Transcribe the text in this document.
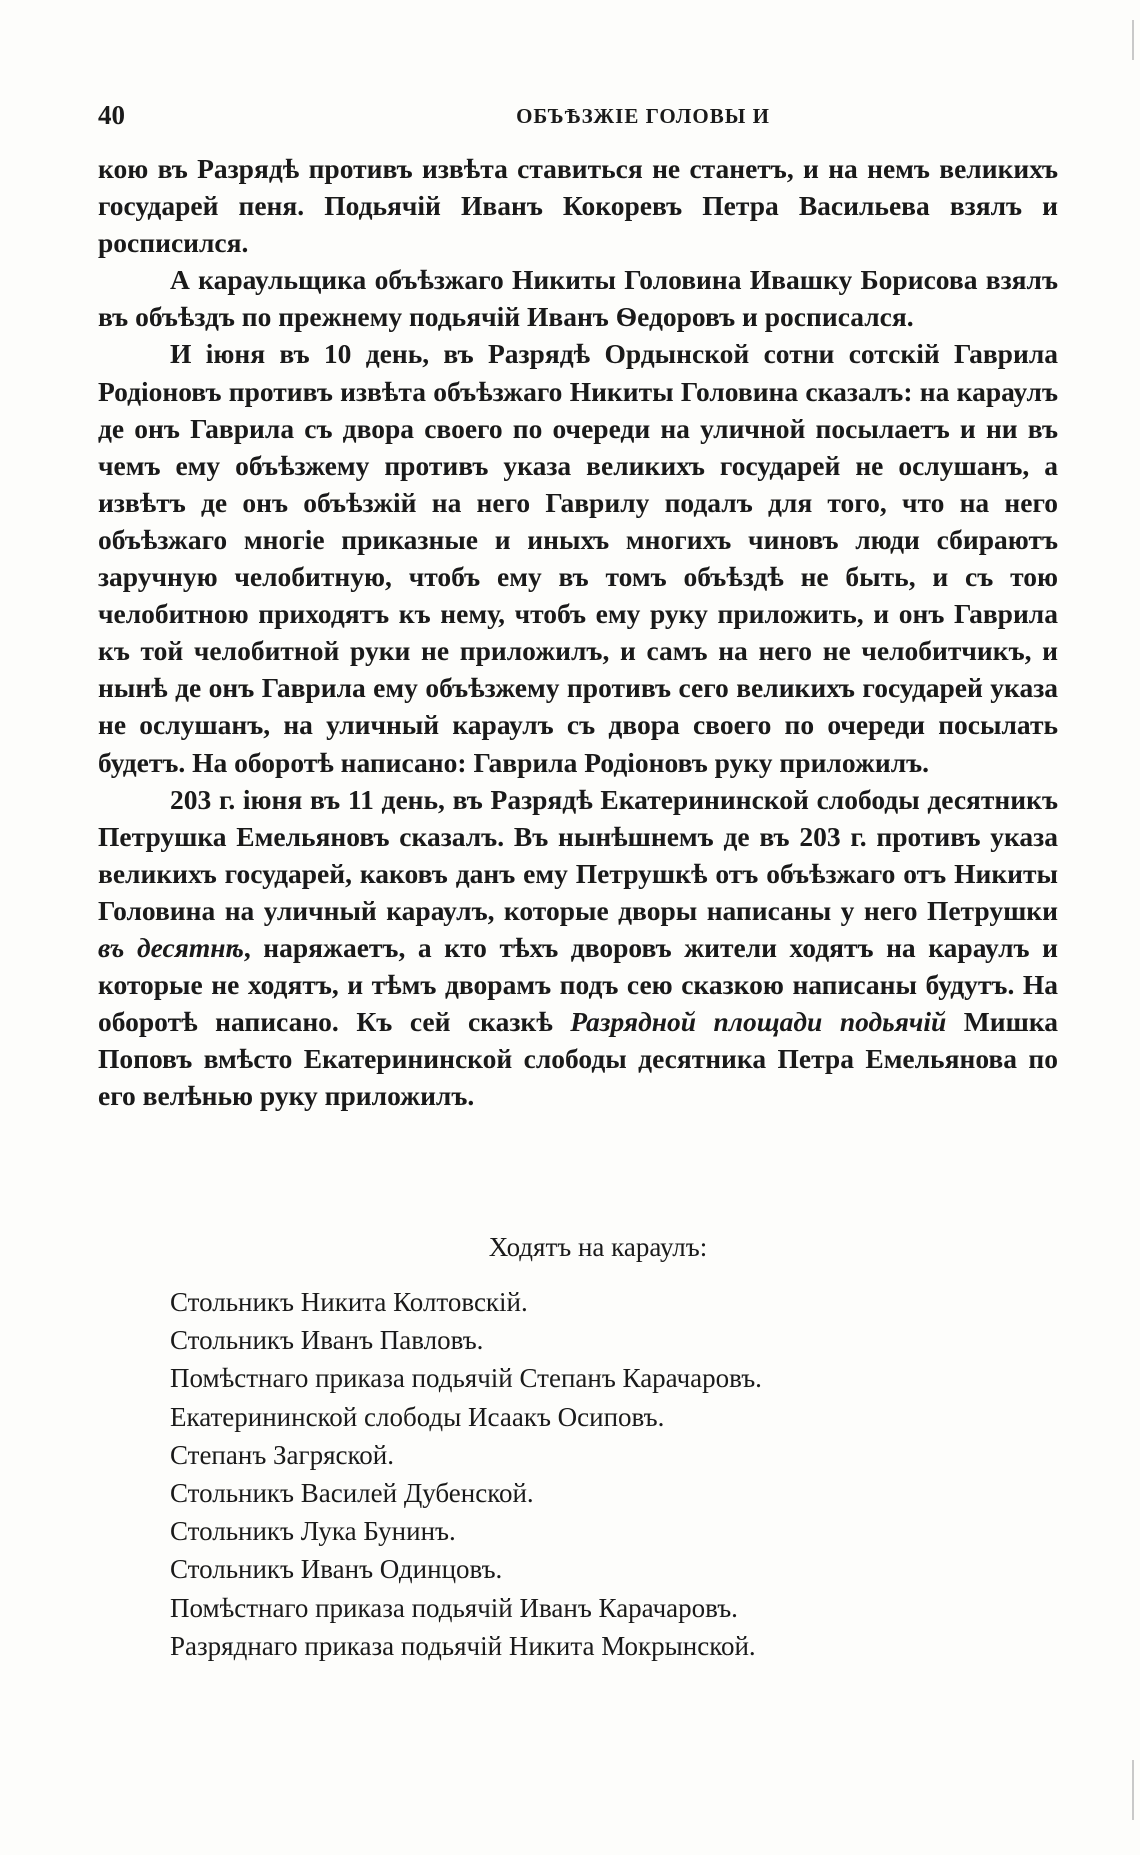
40	ОБЪѢЗЖІЕ ГОЛОВЫ И

кою въ Разрядѣ противъ извѣта ставиться не станетъ, и на немъ великихъ государей пеня. Подьячій Иванъ Кокоревъ Петра Васильева взялъ и росписился.

А караульщика объѣзжаго Никиты Головина Ивашку Борисова взялъ въ объѣздъ по прежнему подьячій Иванъ Ѳедоровъ и росписался.

И іюня въ 10 день, въ Разрядѣ Ордынской сотни сотскій Гаврила Родіоновъ противъ извѣта объѣзжаго Никиты Головина сказалъ: на караулъ де онъ Гаврила съ двора своего по очереди на уличной посылаетъ и ни въ чемъ ему объѣзжему противъ указа великихъ государей не ослушанъ, а извѣтъ де онъ объѣзжій на него Гаврилу подалъ для того, что на него объѣзжаго многіе приказные и иныхъ многихъ чиновъ люди сбираютъ заручную челобитную, чтобъ ему въ томъ объѣздѣ не быть, и съ тою челобитною приходятъ къ нему, чтобъ ему руку приложить, и онъ Гаврила къ той челобитной руки не приложилъ, и самъ на него не челобитчикъ, и нынѣ де онъ Гаврила ему объѣзжему противъ сего великихъ государей указа не ослушанъ, на уличный караулъ съ двора своего по очереди посылать будетъ. На оборотѣ написано: Гаврила Родіоновъ руку приложилъ.

203 г. іюня въ 11 день, въ Разрядѣ Екатерининской слободы десятникъ Петрушка Емельяновъ сказалъ. Въ нынѣшнемъ де въ 203 г. противъ указа великихъ государей, каковъ данъ ему Петрушкѣ отъ объѣзжаго отъ Никиты Головина на уличный караулъ, которые дворы написаны у него Петрушки въ десятнѣ, наряжаетъ, а кто тѣхъ дворовъ жители ходятъ на караулъ и которые не ходятъ, и тѣмъ дворамъ подъ сею сказкою написаны будутъ. На оборотѣ написано. Къ сей сказкѣ Разрядной площади подьячій Мишка Поповъ вмѣсто Екатерининской слободы десятника Петра Емельянова по его велѣнью руку приложилъ.

Ходятъ на караулъ:
Стольникъ Никита Колтовскій.
Стольникъ Иванъ Павловъ.
Помѣстнаго приказа подьячій Степанъ Карачаровъ.
Екатерининской слободы Исаакъ Осиповъ.
Степанъ Загряской.
Стольникъ Василей Дубенской.
Стольникъ Лука Бунинъ.
Стольникъ Иванъ Одинцовъ.
Помѣстнаго приказа подьячій Иванъ Карачаровъ.
Разряднаго приказа подьячій Никита Мокрынской.
